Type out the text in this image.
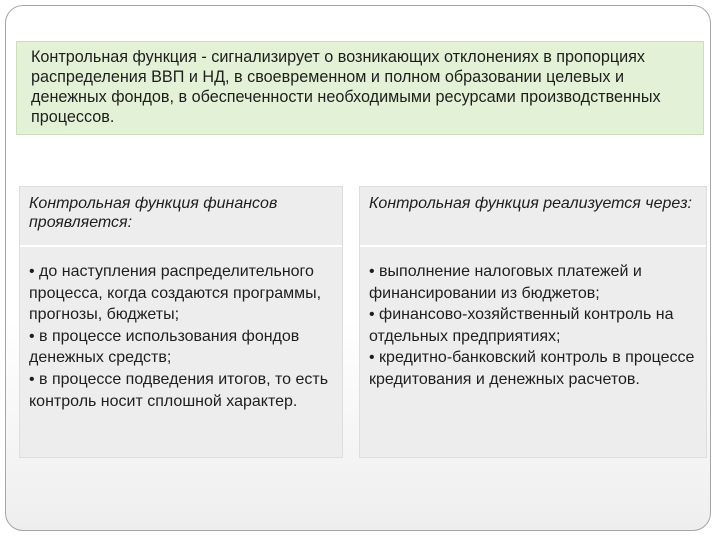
Контрольная функция - сигнализирует о возникающих отклонениях в пропорциях распределения ВВП и НД, в своевременном и полном образовании целевых и денежных фондов, в обеспеченности необходимыми ресурсами производственных процессов.
Контрольная функция финансов проявляется:
• до наступления распределительного процесса, когда создаются программы, прогнозы, бюджеты;
• в процессе использования фондов денежных средств;
• в процессе подведения итогов, то есть контроль носит сплошной характер.
Контрольная функция реализуется через:
• выполнение налоговых платежей и финансировании из бюджетов;
• финансово-хозяйственный контроль на отдельных предприятиях;
• кредитно-банковский контроль в процессе кредитования и денежных расчетов.
